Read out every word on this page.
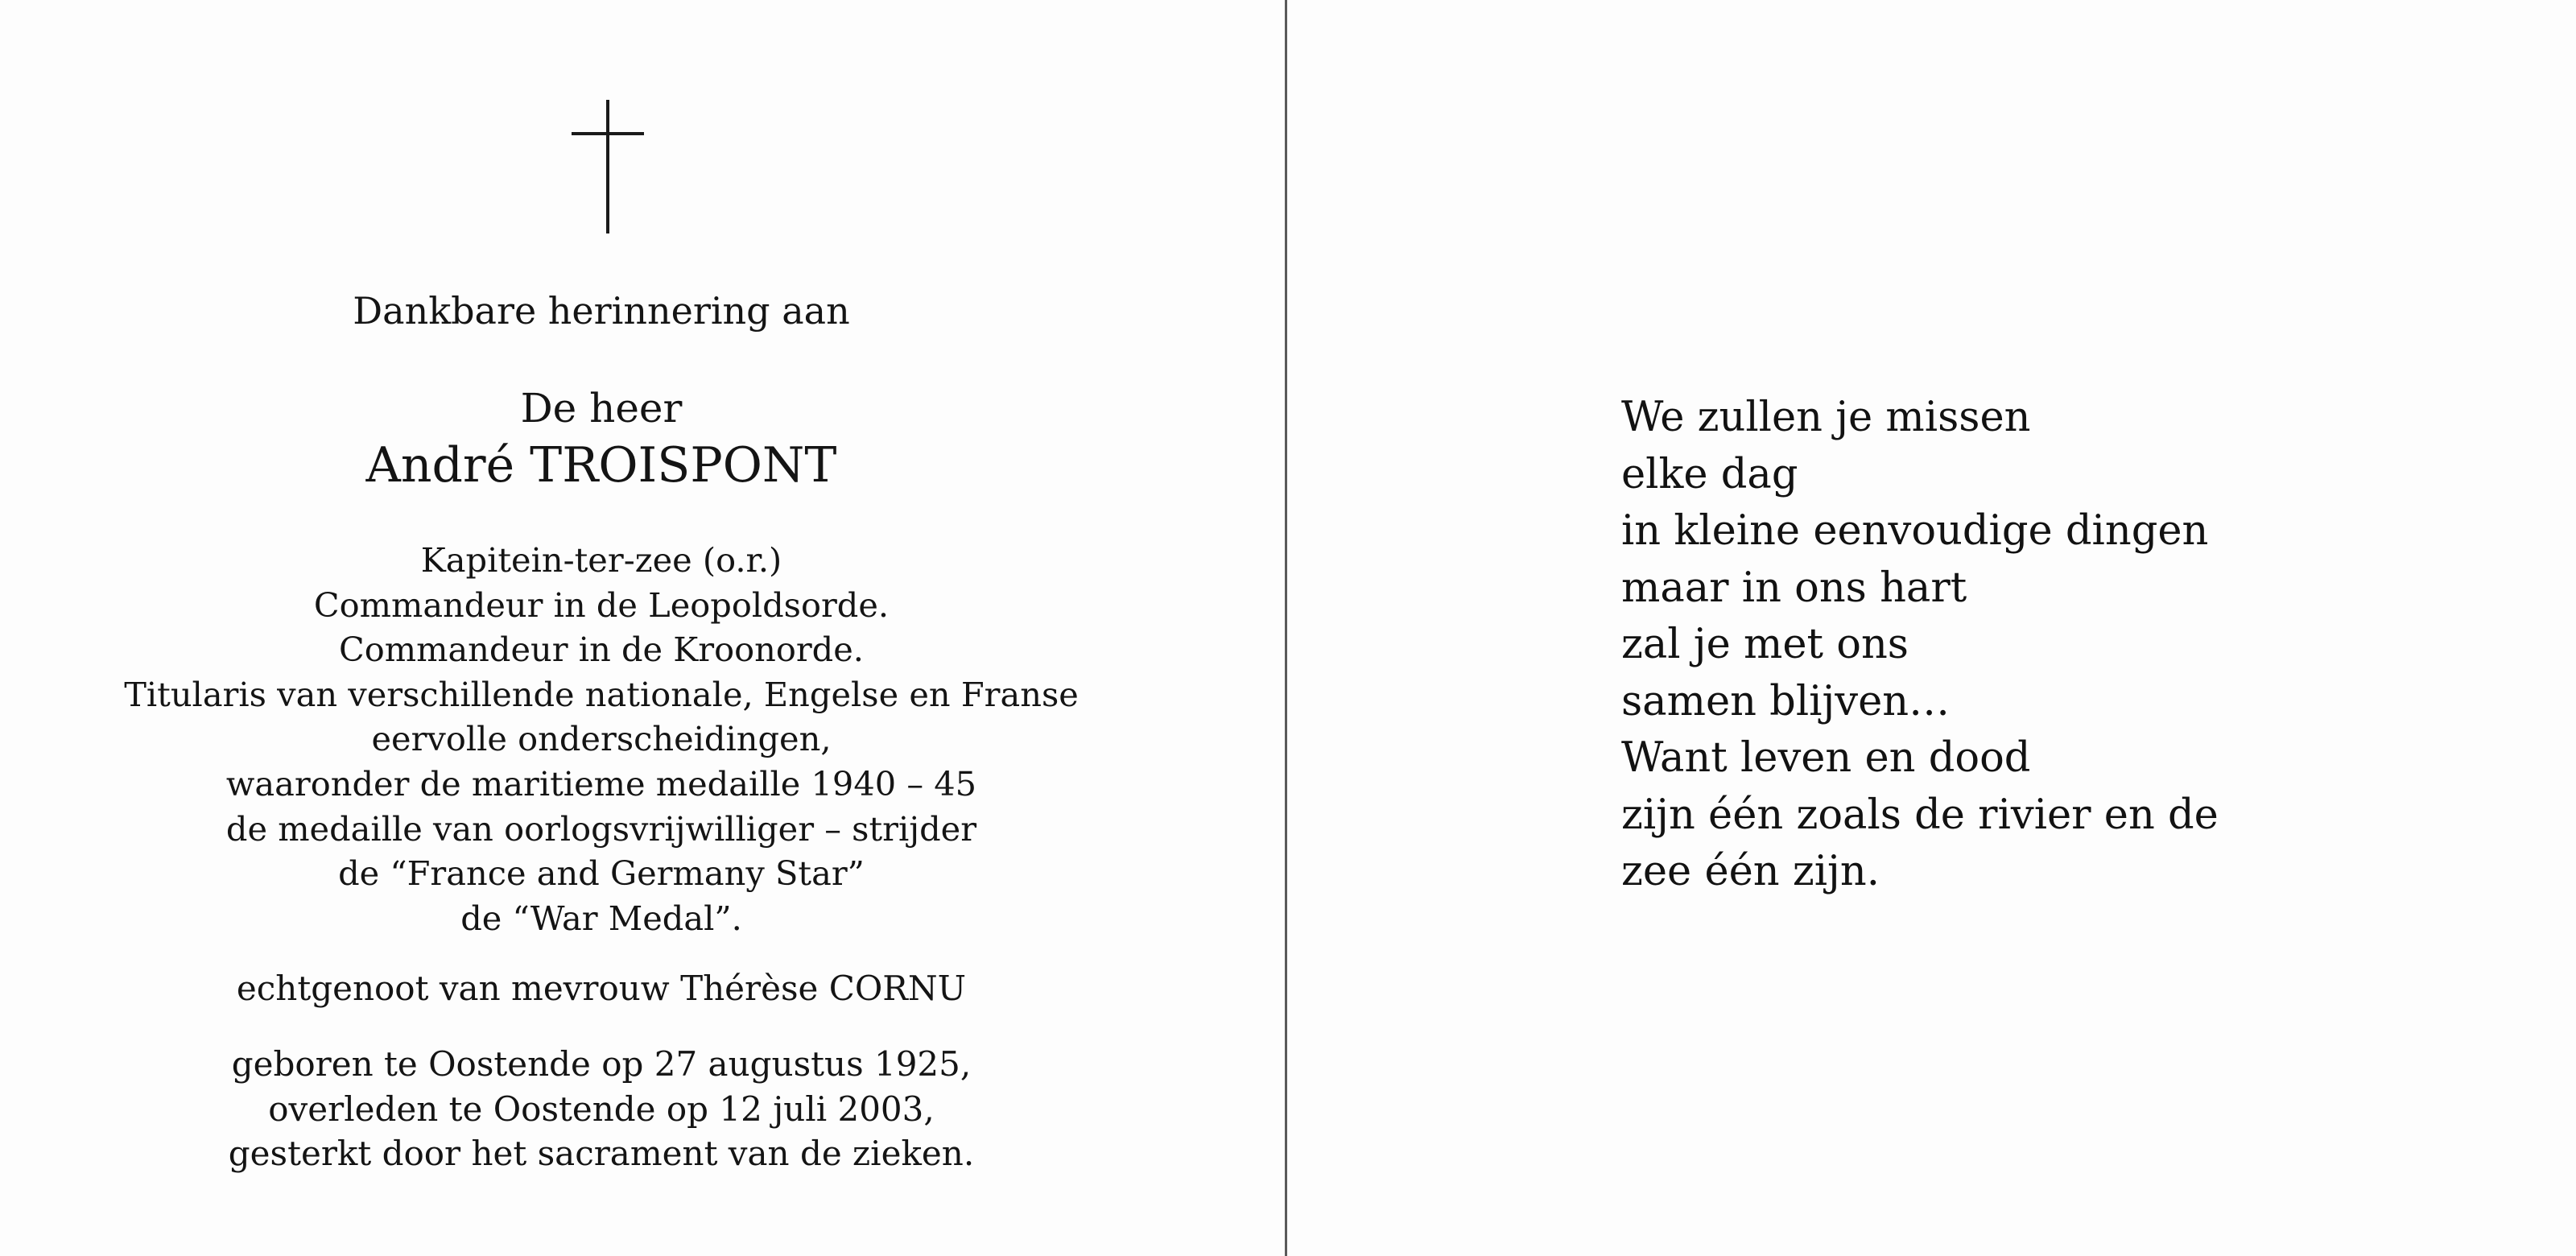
Dankbare herinnering aan
De heer
André TROISPONT
Kapitein-ter-zee (o.r.)
Commandeur in de Leopoldsorde.
Commandeur in de Kroonorde.
Titularis van verschillende nationale, Engelse en Franse
eervolle onderscheidingen,
waaronder de maritieme medaille 1940 – 45
de medaille van oorlogsvrijwilliger – strijder
de “France and Germany Star”
de “War Medal”.
echtgenoot van mevrouw Thérèse CORNU
geboren te Oostende op 27 augustus 1925,
overleden te Oostende op 12 juli 2003,
gesterkt door het sacrament van de zieken.
We zullen je missen
elke dag
in kleine eenvoudige dingen
maar in ons hart
zal je met ons
samen blijven…
Want leven en dood
zijn één zoals de rivier en de
zee één zijn.
